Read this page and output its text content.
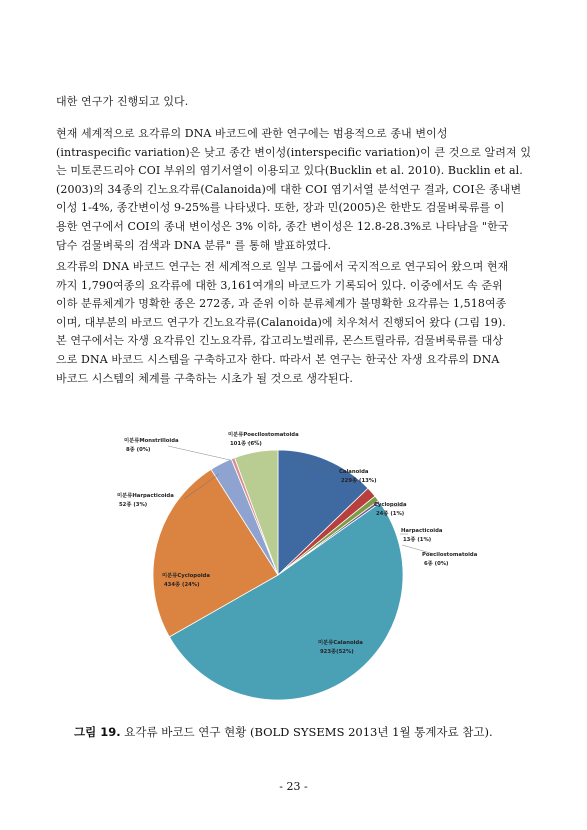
대한 연구가 진행되고 있다.
현재 세계적으로 요각류의 DNA 바코드에 관한 연구에는 범용적으로 종내 변이성
(intraspecific variation)은 낮고 종간 변이성(interspecific variation)이 큰 것으로 알려져 있
는 미토콘드리아 COI 부위의 염기서열이 이용되고 있다(Bucklin et al. 2010). Bucklin et al.
(2003)의 34종의 긴노요각류(Calanoida)에 대한 COI 염기서열 분석연구 결과, COI은 종내변
이성 1-4%, 종간변이성 9-25%를 나타냈다. 또한, 장과 민(2005)은 한반도 검물벼룩류를 이
용한 연구에서 COI의 종내 변이성은 3% 이하, 종간 변이성은 12.8-28.3%로 나타남을 "한국
담수 검물벼룩의 검색과 DNA 분류" 를 통해 발표하였다.
요각류의 DNA 바코드 연구는 전 세계적으로 일부 그룹에서 국지적으로 연구되어 왔으며 현재
까지 1,790여종의 요각류에 대한 3,161여개의 바코드가 기록되어 있다. 이중에서도 속 준위
이하 분류체계가 명확한 종은 272종, 과 준위 이하 분류체계가 불명확한 요각류는 1,518여종
이며, 대부분의 바코드 연구가 긴노요각류(Calanoida)에 치우쳐서 진행되어 왔다 (그림 19).
본 연구에서는 자생 요각류인 긴노요각류, 갑고리노벌레류, 몬스트릴라류, 검물벼룩류를 대상
으로 DNA 바코드 시스템을 구축하고자 한다. 따라서 본 연구는 한국산 자생 요각류의 DNA
바코드 시스템의 체계를 구축하는 시초가 될 것으로 생각된다.
Calanoida
229종 (13%)
Cyclopoida
24종 (1%)
Harpacticoida
13종 (1%)
Poecilostomatoida
6종 (0%)
미분류Calanoida
923종(52%)
미분류Cyclopoida
434종 (24%)
미분류Harpacticoida
52종 (3%)
미분류Monstrilloida
8종 (0%)
미분류Poecilostomatoida
101종 (6%)
그림 19. 요각류 바코드 연구 현황 (BOLD SYSEMS 2013년 1월 통계자료 참고).
- 23 -
